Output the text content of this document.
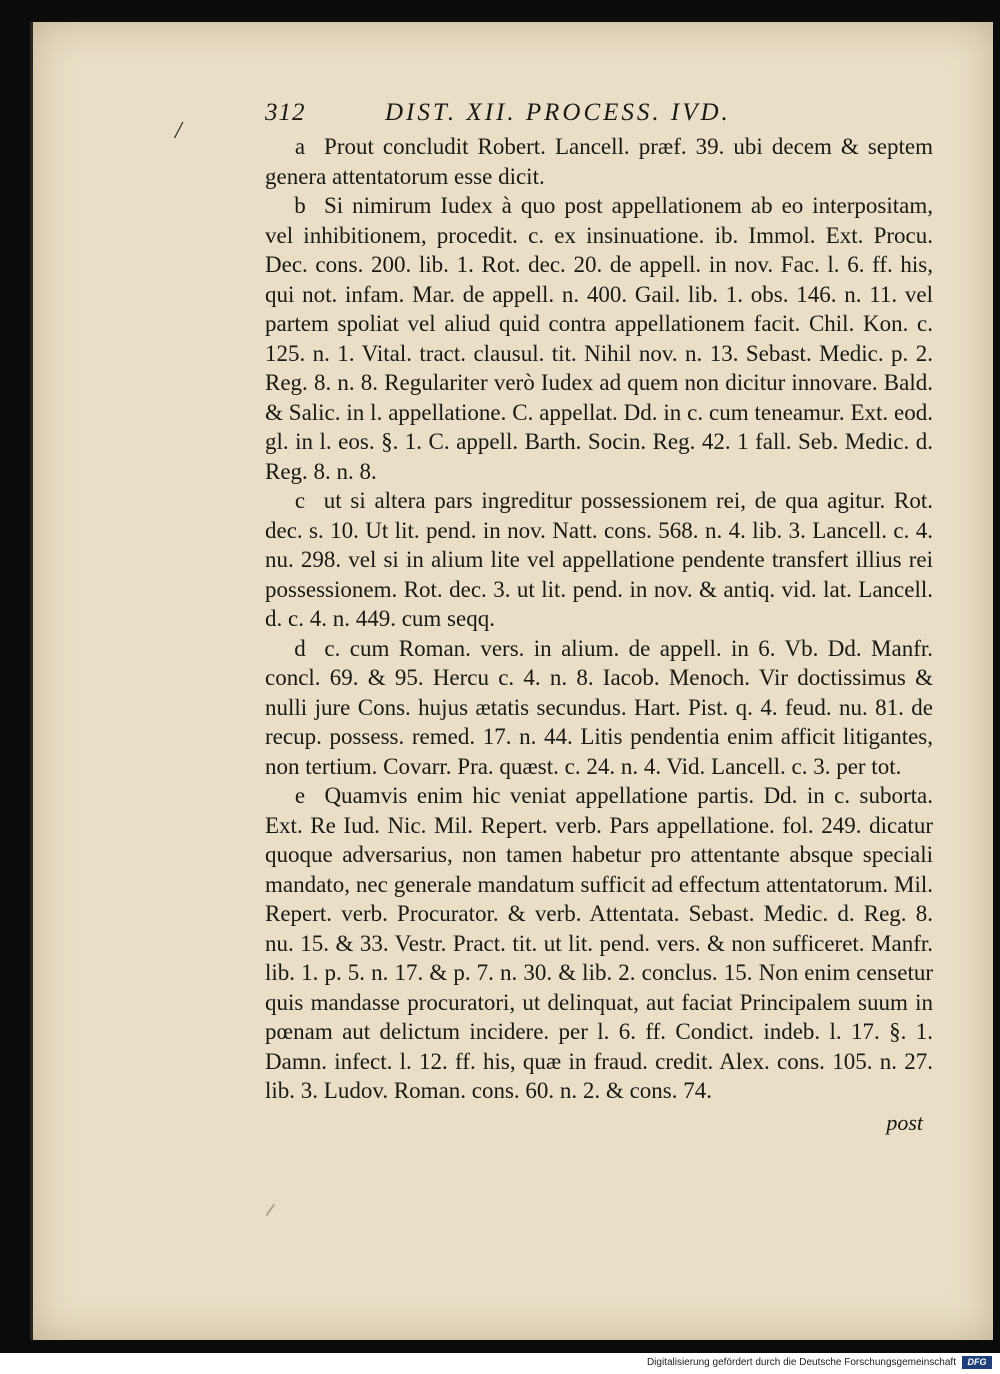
/
312	DIST. XII. PROCESS. IVD.

a Prout concludit Robert. Lancell. præf. 39. ubi decem & septem genera attentatorum esse dicit.

b Si nimirum Iudex à quo post appellationem ab eo interpositam, vel inhibitionem, procedit. c. ex insinuatione. ib. Immol. Ext. Procu. Dec. cons. 200. lib. 1. Rot. dec. 20. de appell. in nov. Fac. l. 6. ff. his, qui not. infam. Mar. de appell. n. 400. Gail. lib. 1. obs. 146. n. 11. vel partem spoliat vel aliud quid contra appellationem facit. Chil. Kon. c. 125. n. 1. Vital. tract. clausul. tit. Nihil nov. n. 13. Sebast. Medic. p. 2. Reg. 8. n. 8. Regulariter verò Iudex ad quem non dicitur innovare. Bald. & Salic. in l. appellatione. C. appellat. Dd. in c. cum teneamur. Ext. eod. gl. in l. eos. §. 1. C. appell. Barth. Socin. Reg. 42. 1 fall. Seb. Medic. d. Reg. 8. n. 8.

c ut si altera pars ingreditur possessionem rei, de qua agitur. Rot. dec. s. 10. Ut lit. pend. in nov. Natt. cons. 568. n. 4. lib. 3. Lancell. c. 4. nu. 298. vel si in alium lite vel appellatione pendente transfert illius rei possessionem. Rot. dec. 3. ut lit. pend. in nov. & antiq. vid. lat. Lancell. d. c. 4. n. 449. cum seqq.

d c. cum Roman. vers. in alium. de appell. in 6. Vb. Dd. Manfr. concl. 69. & 95. Hercu c. 4. n. 8. Iacob. Menoch. Vir doctissimus & nulli jure Cons. hujus ætatis secundus. Hart. Pist. q. 4. feud. nu. 81. de recup. possess. remed. 17. n. 44. Litis pendentia enim afficit litigantes, non tertium. Covarr. Pra. quæst. c. 24. n. 4. Vid. Lancell. c. 3. per tot.

e Quamvis enim hic veniat appellatione partis. Dd. in c. suborta. Ext. Re Iud. Nic. Mil. Repert. verb. Pars appellatione. fol. 249. dicatur quoque adversarius, non tamen habetur pro attentante absque speciali mandato, nec generale mandatum sufficit ad effectum attentatorum. Mil. Repert. verb. Procurator. & verb. Attentata. Sebast. Medic. d. Reg. 8. nu. 15. & 33. Vestr. Pract. tit. ut lit. pend. vers. & non sufficeret. Manfr. lib. 1. p. 5. n. 17. & p. 7. n. 30. & lib. 2. conclus. 15. Non enim censetur quis mandasse procuratori, ut delinquat, aut faciat Principalem suum in pœnam aut delictum incidere. per l. 6. ff. Condict. indeb. l. 17. §. 1. Damn. infect. l. 12. ff. his, quæ in fraud. credit. Alex. cons. 105. n. 27. lib. 3. Ludov. Roman. cons. 60. n. 2. & cons. 74.

post
Digitalisierung gefördert durch die Deutsche Forschungsgemeinschaft	DFG
